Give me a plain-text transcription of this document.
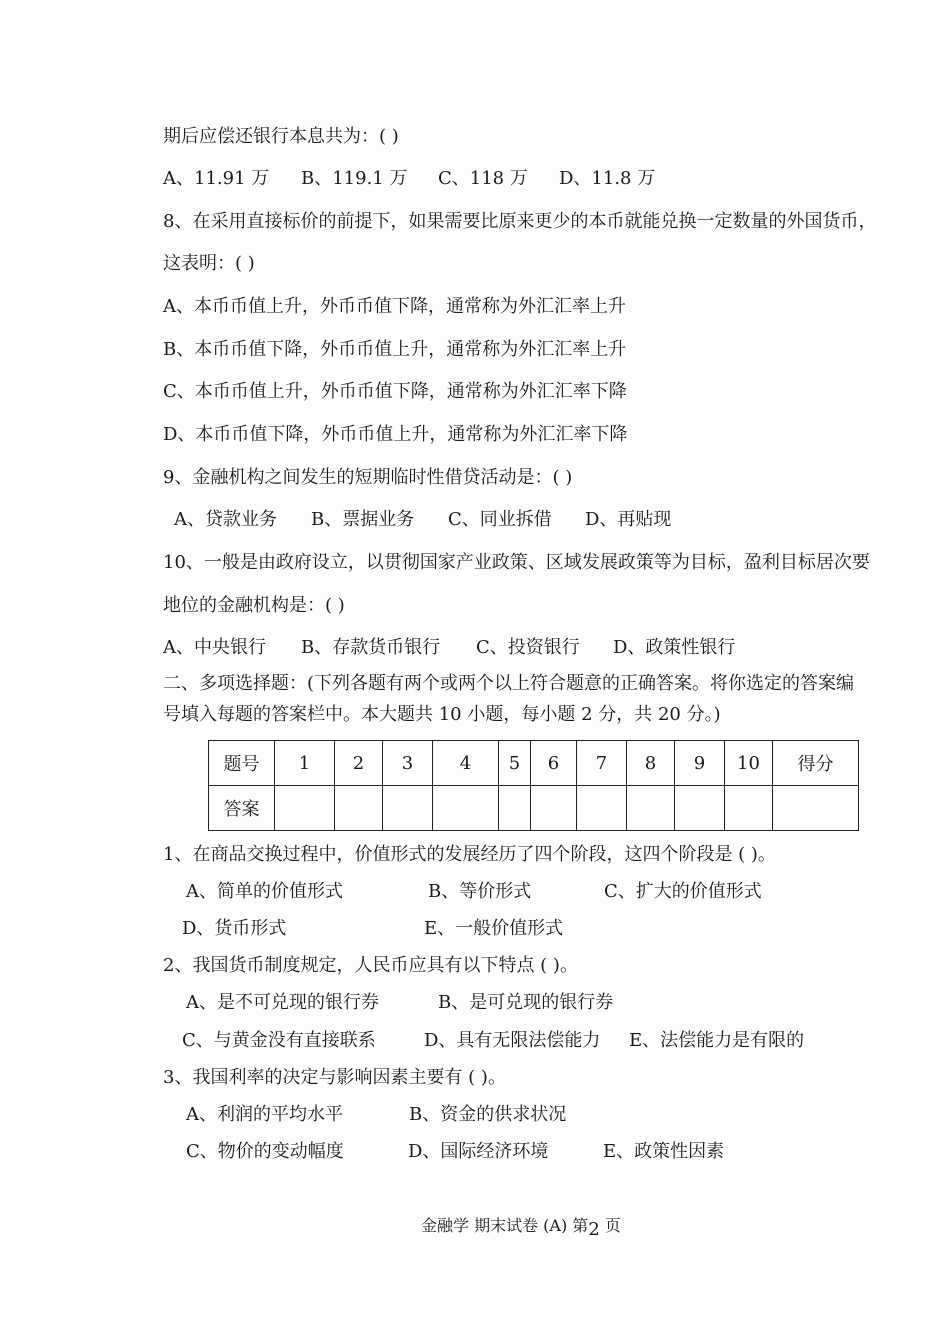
期后应偿还银行本息共为：( )
A、11.91 万 B、119.1 万 C、118 万 D、11.8 万
8、在采用直接标价的前提下，如果需要比原来更少的本币就能兑换一定数量的外国货币，
这表明：( )
A、本币币值上升，外币币值下降，通常称为外汇汇率上升
B、本币币值下降，外币币值上升，通常称为外汇汇率上升
C、本币币值上升，外币币值下降，通常称为外汇汇率下降
D、本币币值下降，外币币值上升，通常称为外汇汇率下降
9、金融机构之间发生的短期临时性借贷活动是：( )
A、贷款业务 B、票据业务 C、同业拆借 D、再贴现
10、一般是由政府设立，以贯彻国家产业政策、区域发展政策等为目标，盈利目标居次要
地位的金融机构是：( )
A、中央银行 B、存款货币银行 C、投资银行 D、政策性银行
二、多项选择题：(下列各题有两个或两个以上符合题意的正确答案。将你选定的答案编
号填入每题的答案栏中。本大题共 10 小题，每小题 2 分，共 20 分。)
题号	1	2	3	4	5	6	7	8	9	10	得分
答案											
1、在商品交换过程中，价值形式的发展经历了四个阶段，这四个阶段是 ( )。
A、简单的价值形式	B、等价形式	C、扩大的价值形式
D、货币形式	E、一般价值形式
2、我国货币制度规定，人民币应具有以下特点 ( )。
A、是不可兑现的银行券	B、是可兑现的银行券
C、与黄金没有直接联系	D、具有无限法偿能力 E、法偿能力是有限的
3、我国利率的决定与影响因素主要有 ( )。
A、利润的平均水平	B、资金的供求状况
C、物价的变动幅度	D、国际经济环境	E、政策性因素
金融学 期末试卷 (A) 第2 页
